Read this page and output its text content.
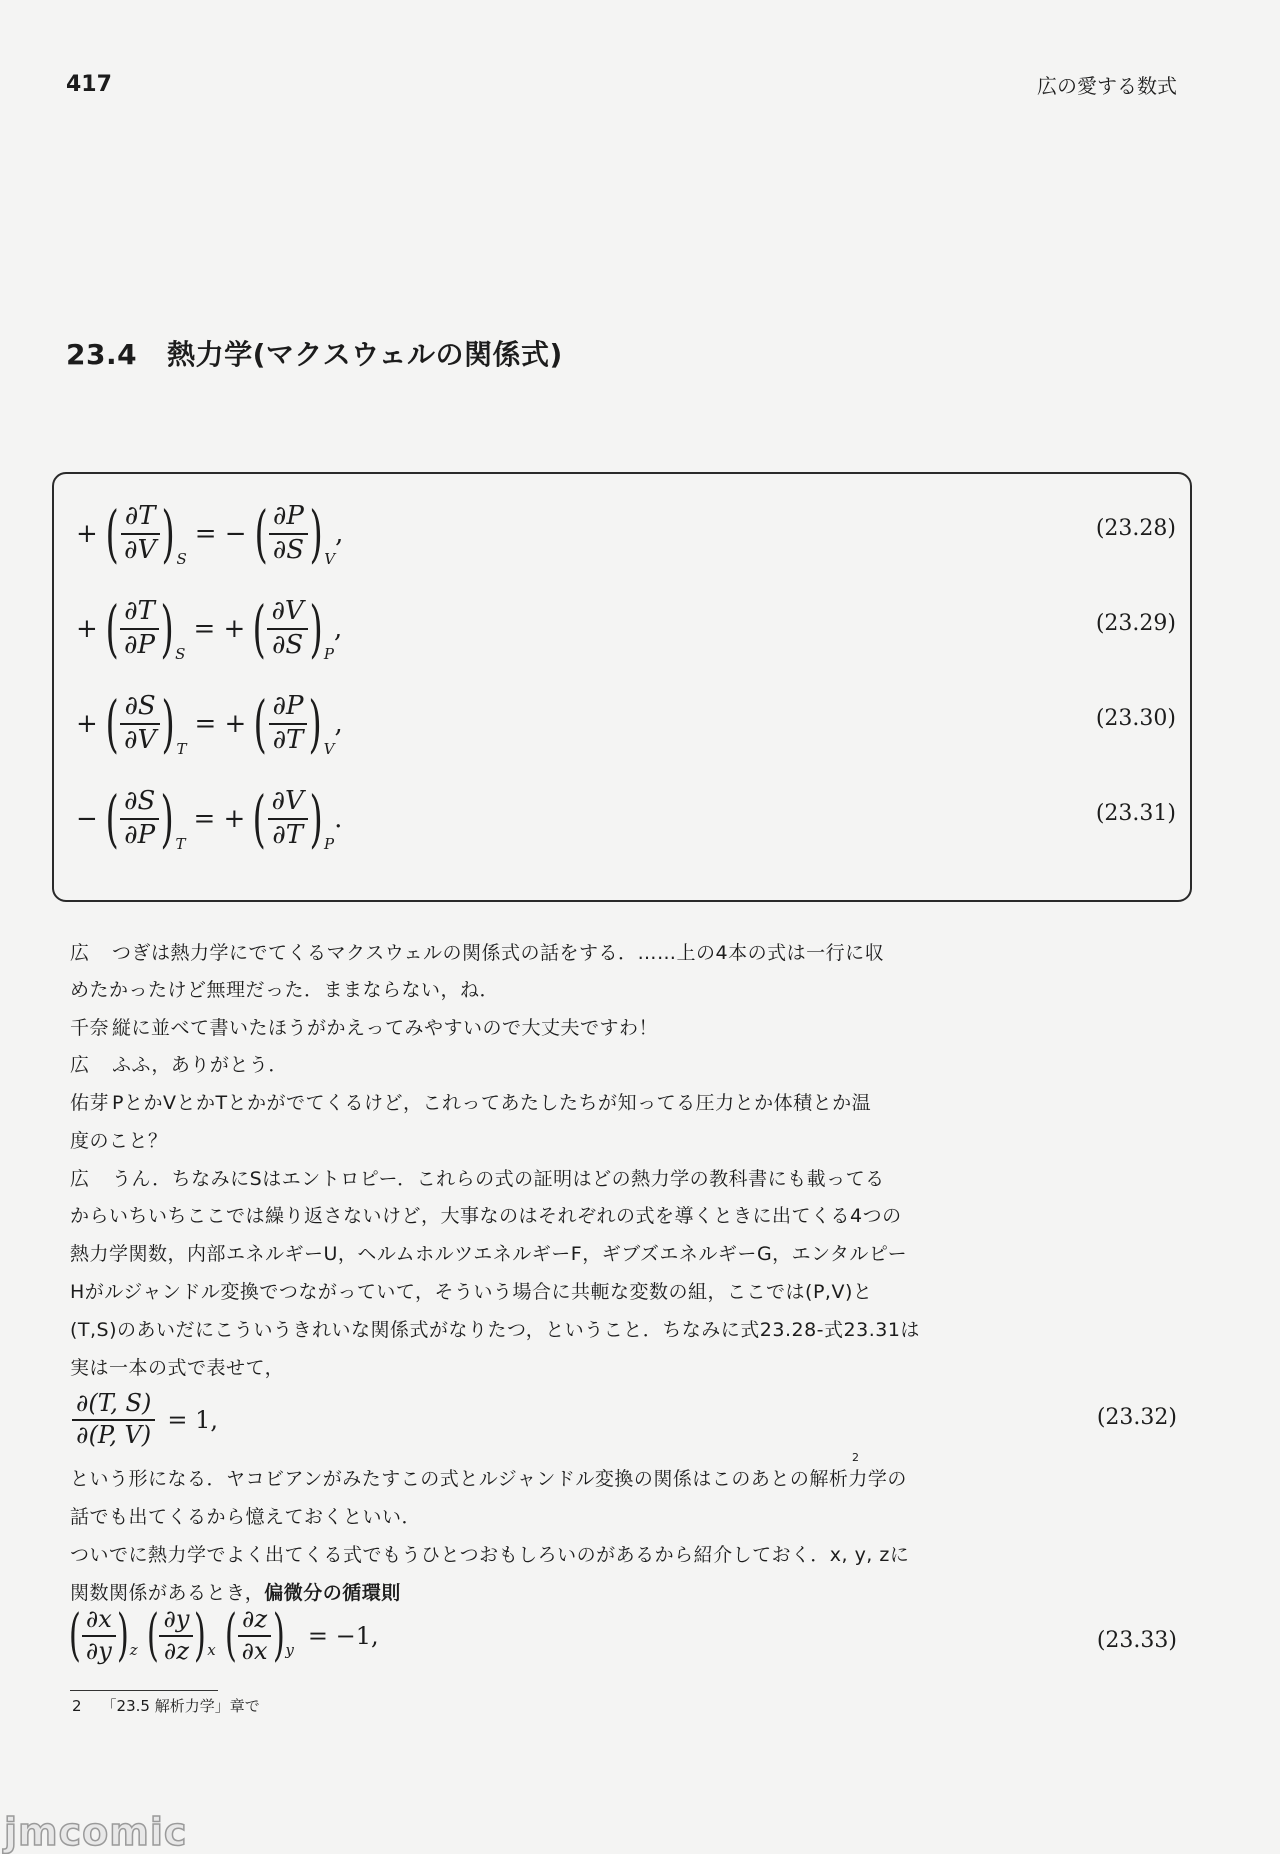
417	広の愛する数式
23.4 熱力学(マクスウェルの関係式)
+ ( $\frac{\partial T}{\partial V}$ ) S
= − ( $\frac{\partial P}{\partial S}$ ) V
,	(23.28)
+ ( $\frac{\partial T}{\partial P}$ ) S
= + ( $\frac{\partial V}{\partial S}$ ) P
,	(23.29)
+ ( $\frac{\partial S}{\partial V}$ ) T
= + ( $\frac{\partial P}{\partial T}$ ) V
,	(23.30)
− ( $\frac{\partial S}{\partial P}$ ) T
= + ( $\frac{\partial V}{\partial T}$ ) P
.	(23.31)
広 つぎは熱力学にでてくるマクスウェルの関係式の話をする．……上の4本の式は一行に収
めたかったけど無理だった．ままならない，ね．
千奈 縦に並べて書いたほうがかえってみやすいので大丈夫ですわ！
広 ふふ，ありがとう．
佑芽 PとかVとかTとかがでてくるけど，これってあたしたちが知ってる圧力とか体積とか温
度のこと？
広 うん．ちなみにSはエントロピー．これらの式の証明はどの熱力学の教科書にも載ってる
からいちいちここでは繰り返さないけど，大事なのはそれぞれの式を導くときに出てくる4つの
熱力学関数，内部エネルギーU，ヘルムホルツエネルギーF，ギブズエネルギーG，エンタルピー
Hがルジャンドル変換でつながっていて，そういう場合に共軛な変数の組，ここでは(P,V)と
(T,S)のあいだにこういうきれいな関係式がなりたつ，ということ．ちなみに式23.28-式23.31は
実は一本の式で表せて，
$\frac{\partial(T, S)}{\partial(P, V)} = 1$,	(23.32)
という形になる．ヤコビアンがみたすこの式とルジャンドル変換の関係はこのあとの解析力学の
2
話でも出てくるから憶えておくといい．
ついでに熱力学でよく出てくる式でもうひとつおもしろいのがあるから紹介しておく．x, y, zに
関数関係があるとき，偏微分の循環則
( $\frac{\partial x}{\partial y}$ ) z ( $\frac{\partial y}{\partial z}$ ) x ( $\frac{\partial z}{\partial x}$ ) y
= −1,	(23.33)
2 「23.5 解析力学」章で
jmcomic
